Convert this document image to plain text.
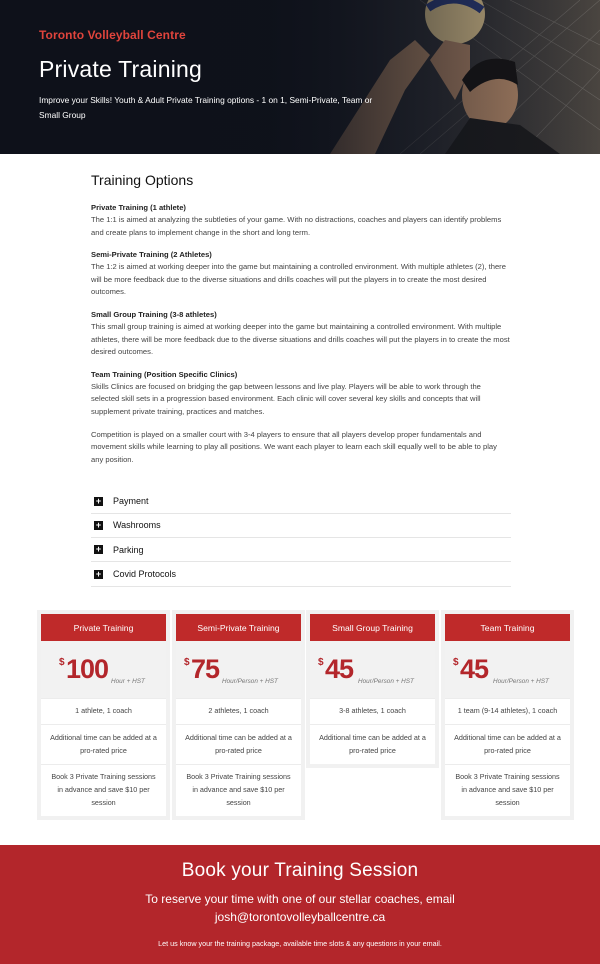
Toronto Volleyball Centre
Private Training

Improve your Skills! Youth & Adult Private Training options - 1 on 1, Semi-Private, Team or Small Group

Training Options
Private Training (1 athlete)
The 1:1 is aimed at analyzing the subtleties of your game. With no distractions, coaches and players can identify problems and create plans to implement change in the short and long term.
Semi-Private Training (2 Athletes)
The 1:2 is aimed at working deeper into the game but maintaining a controlled environment. With multiple athletes (2), there will be more feedback due to the diverse situations and drills coaches will put the players in to create the most desired outcomes.
Small Group Training (3-8 athletes)
This small group training is aimed at working deeper into the game but maintaining a controlled environment. With multiple athletes, there will be more feedback due to the diverse situations and drills coaches will put the players in to create the most desired outcomes.
Team Training (Position Specific Clinics)
Skills Clinics are focused on bridging the gap between lessons and live play. Players will be able to work through the selected skill sets in a progression based environment. Each clinic will cover several key skills and concepts that will supplement private training, practices and matches.

Competition is played on a smaller court with 3-4 players to ensure that all players develop proper fundamentals and movement skills while learning to play all positions. We want each player to learn each skill equally well to be able to play any position.

+ Payment
+ Washrooms
+ Parking
+ Covid Protocols
Private Training
$ 100 Hour + HST
1 athlete, 1 coach
Additional time can be added at a pro-rated price
Book 3 Private Training sessions in advance and save $10 per session
Semi-Private Training
$ 75 Hour/Person + HST
2 athletes, 1 coach
Additional time can be added at a pro-rated price
Book 3 Private Training sessions in advance and save $10 per session
Small Group Training
$ 45 Hour/Person + HST
3-8 athletes, 1 coach
Additional time can be added at a pro-rated price
Team Training
$ 45 Hour/Person + HST
1 team (9-14 athletes), 1 coach
Additional time can be added at a pro-rated price
Book 3 Private Training sessions in advance and save $10 per session
Book your Training Session
To reserve your time with one of our stellar coaches, email
josh@torontovolleyballcentre.ca
Let us know your the training package, available time slots & any questions in your email.
